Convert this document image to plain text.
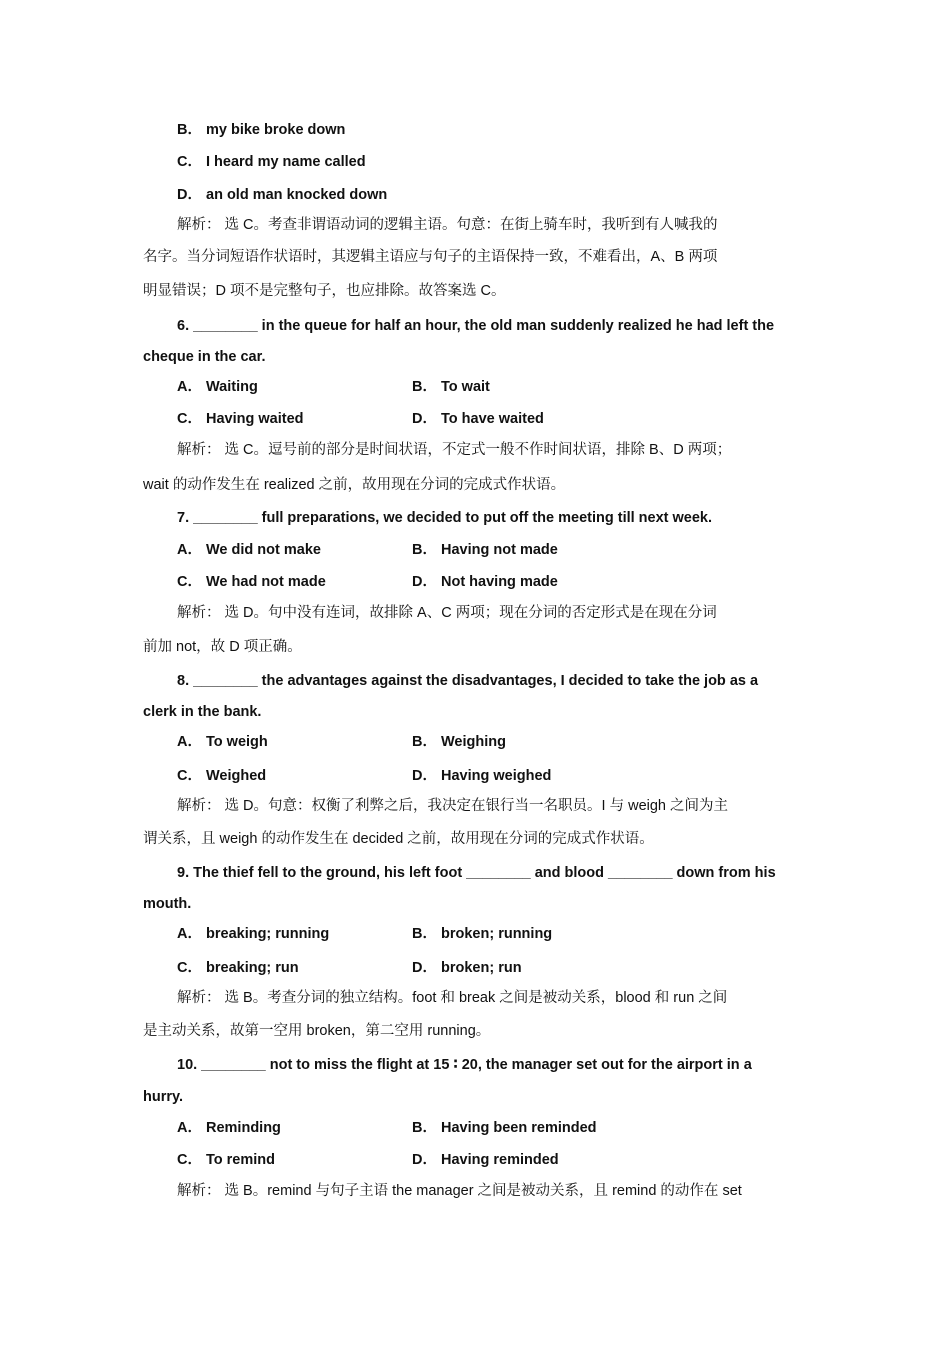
B． my bike broke down
C． I heard my name called
D． an old man knocked down
解析： 选 C。考查非谓语动词的逻辑主语。句意：在街上骑车时，我听到有人喊我的
名字。当分词短语作状语时，其逻辑主语应与句子的主语保持一致，不难看出，A、B 两项
明显错误；D 项不是完整句子，也应排除。故答案选 C。
6. ________ in the queue for half an hour, the old man suddenly realized he had left the
cheque in the car.
A． Waiting	B． To wait
C． Having waited	D． To have waited
解析： 选 C。逗号前的部分是时间状语，不定式一般不作时间状语，排除 B、D 两项；
wait 的动作发生在 realized 之前，故用现在分词的完成式作状语。
7. ________ full preparations, we decided to put off the meeting till next week.
A． We did not make	B． Having not made
C． We had not made	D． Not having made
解析： 选 D。句中没有连词，故排除 A、C 两项；现在分词的否定形式是在现在分词
前加 not，故 D 项正确。
8. ________ the advantages against the disadvantages, I decided to take the job as a
clerk in the bank.
A． To weigh	B． Weighing
C． Weighed	D． Having weighed
解析： 选 D。句意：权衡了利弊之后，我决定在银行当一名职员。I 与 weigh 之间为主
谓关系，且 weigh 的动作发生在 decided 之前，故用现在分词的完成式作状语。
9. The thief fell to the ground, his left foot ________ and blood ________ down from his
mouth.
A． breaking; running	B． broken; running
C． breaking; run	D． broken; run
解析： 选 B。考查分词的独立结构。foot 和 break 之间是被动关系，blood 和 run 之间
是主动关系，故第一空用 broken，第二空用 running。
10. ________ not to miss the flight at 15 ∶ 20, the manager set out for the airport in a
hurry.
A． Reminding	B． Having been reminded
C． To remind	D． Having reminded
解析： 选 B。remind 与句子主语 the manager 之间是被动关系，且 remind 的动作在 set
